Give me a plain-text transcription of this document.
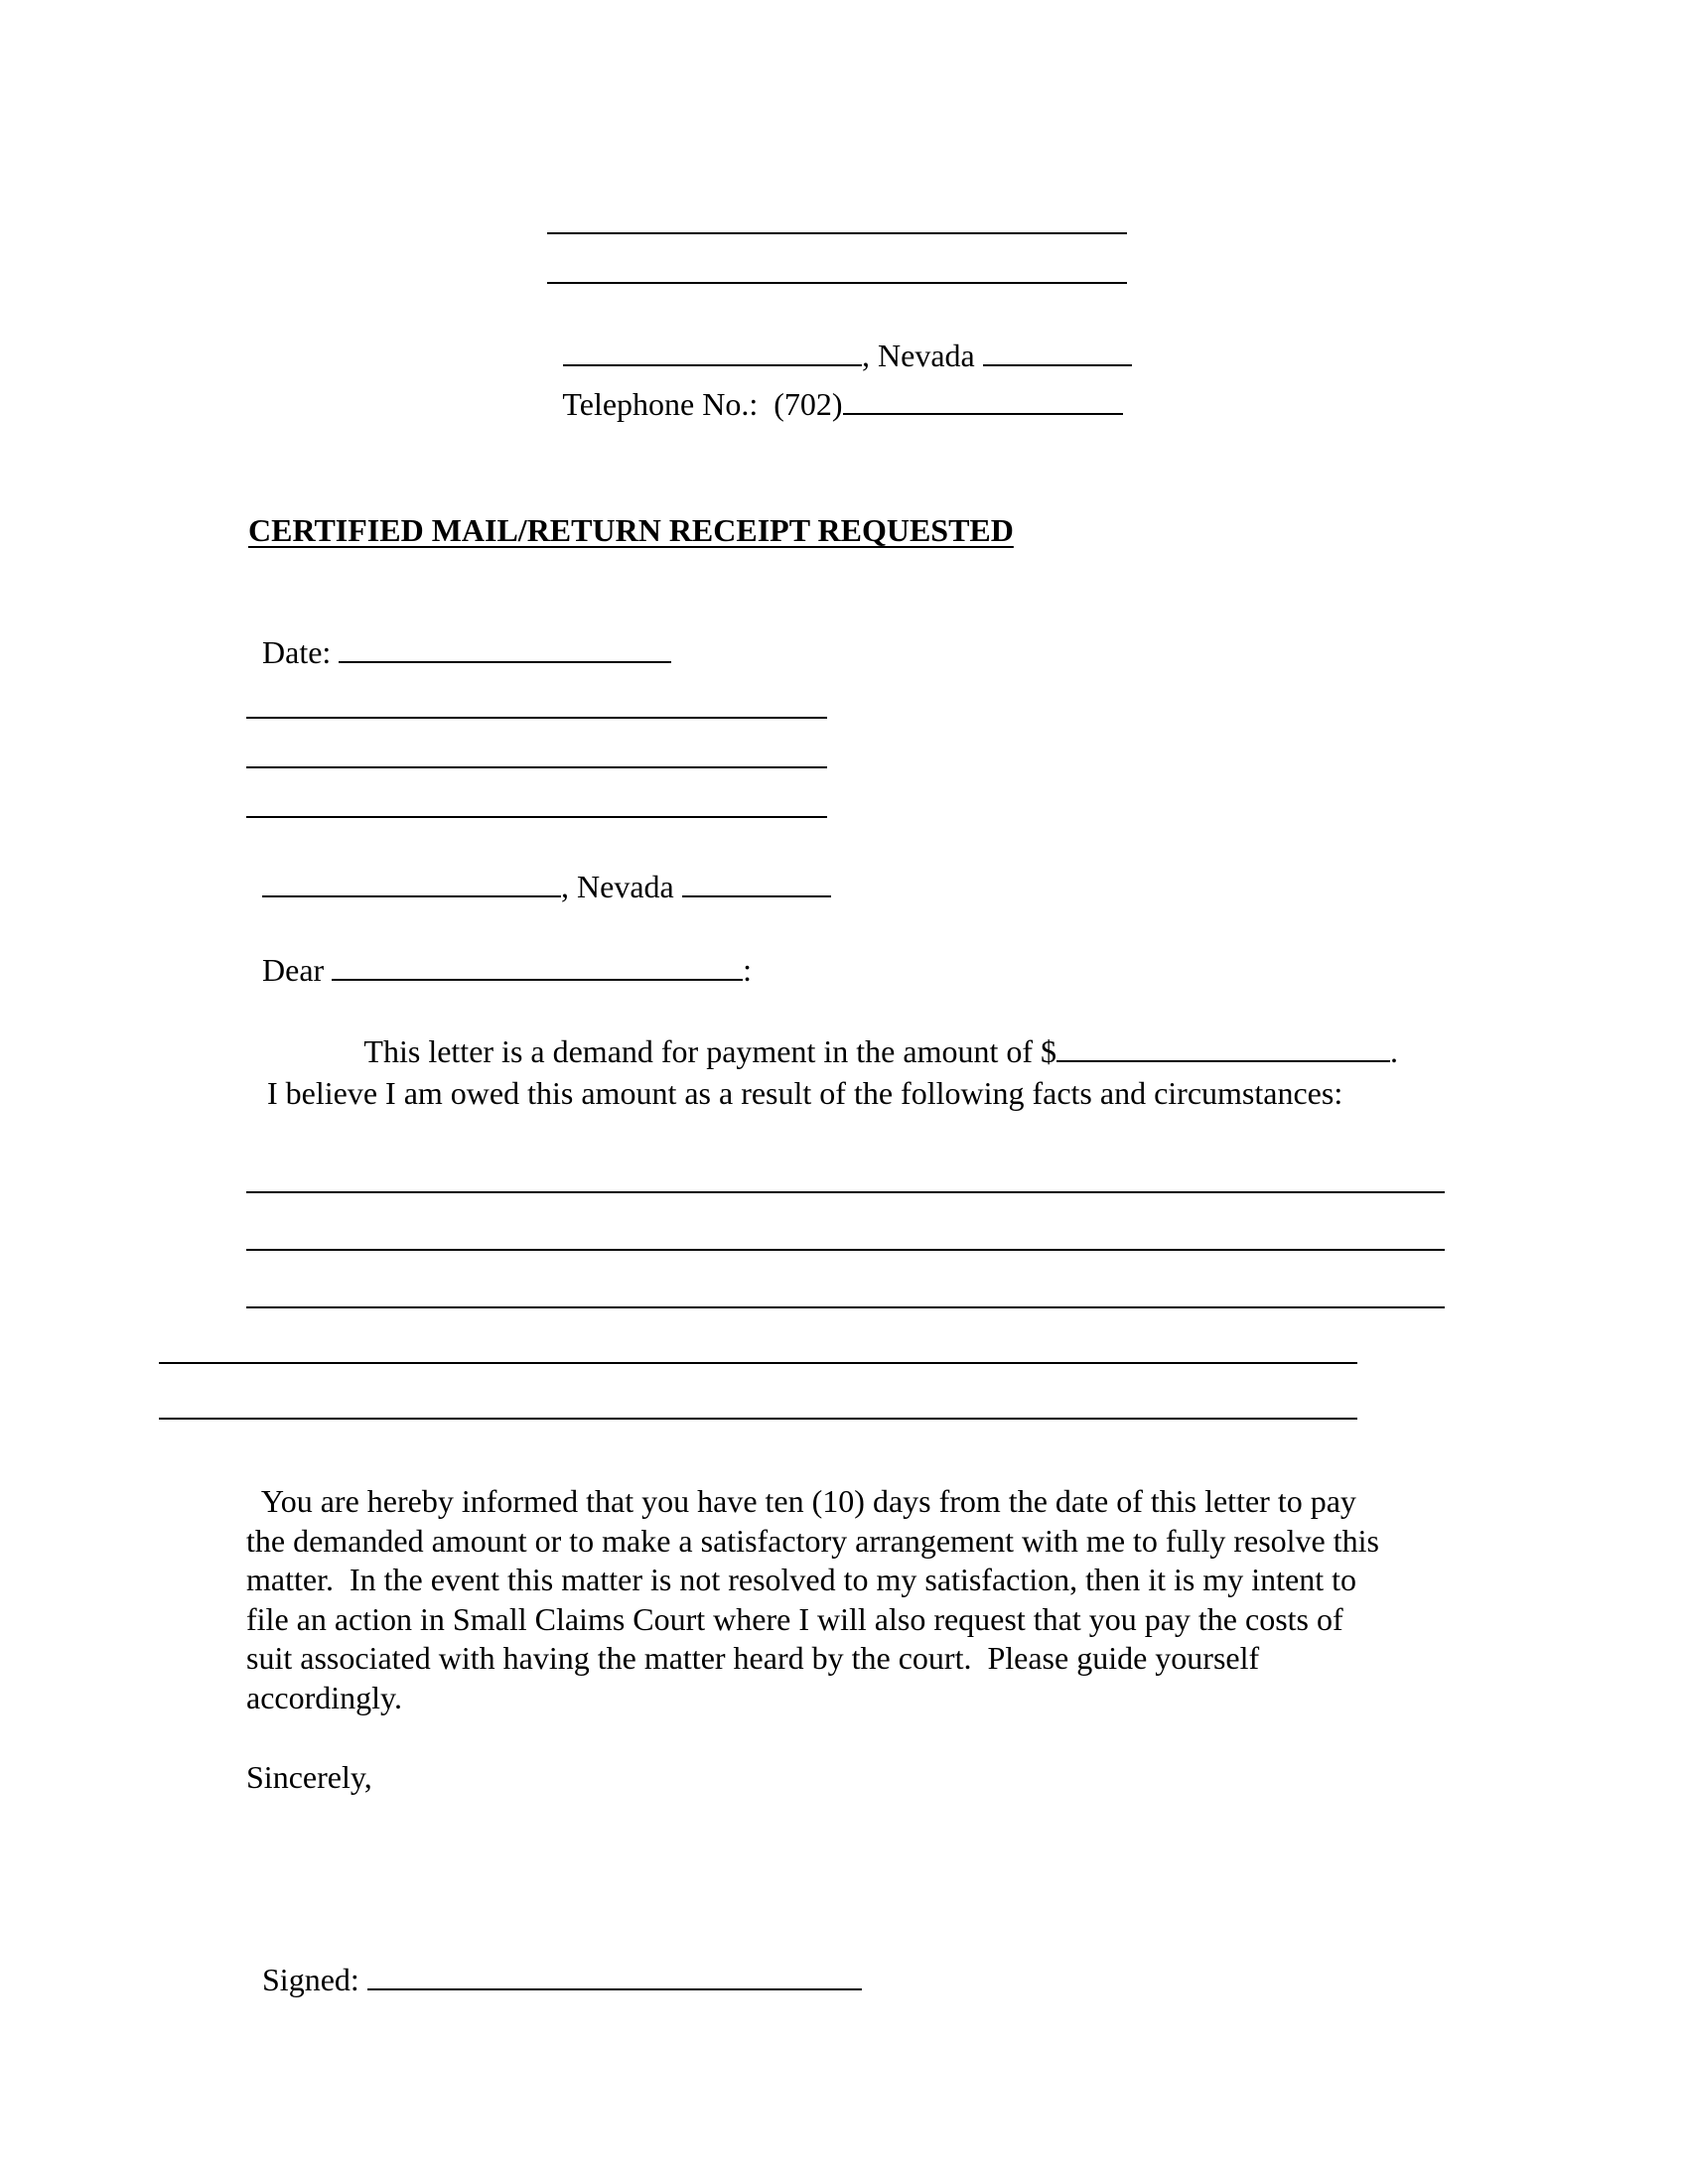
, Nevada

Telephone No.:  (702)

CERTIFIED MAIL/RETURN RECEIPT REQUESTED

Date:

, Nevada

Dear	:

This letter is a demand for payment in the amount of $	.

I believe I am owed this amount as a result of the following facts and circumstances:
You are hereby informed that you have ten (10) days from the date of this letter to pay
the demanded amount or to make a satisfactory arrangement with me to fully resolve this
matter.  In the event this matter is not resolved to my satisfaction, then it is my intent to
file an action in Small Claims Court where I will also request that you pay the costs of
suit associated with having the matter heard by the court.  Please guide yourself
accordingly.
Sincerely,

Signed:
